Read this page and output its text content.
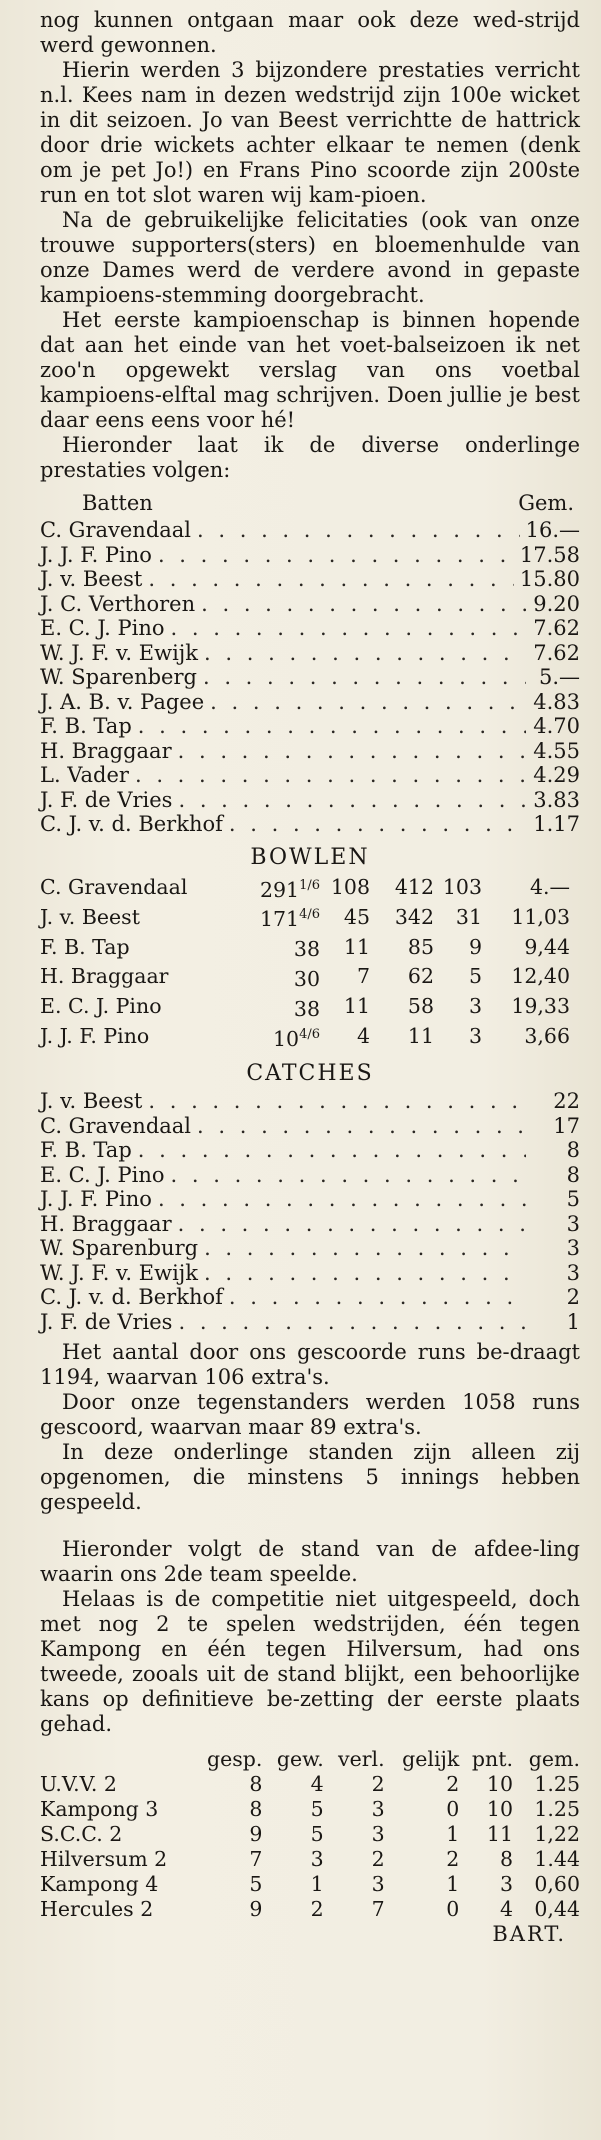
nog kunnen ontgaan maar ook deze wed-strijd werd gewonnen.

Hierin werden 3 bijzondere prestaties verricht n.l. Kees nam in dezen wedstrijd zijn 100e wicket in dit seizoen. Jo van Beest verrichtte de hattrick door drie wickets achter elkaar te nemen (denk om je pet Jo!) en Frans Pino scoorde zijn 200ste run en tot slot waren wij kam-pioen.

Na de gebruikelijke felicitaties (ook van onze trouwe supporters(sters) en bloemenhulde van onze Dames werd de verdere avond in gepaste kampioens-stemming doorgebracht.

Het eerste kampioenschap is binnen hopende dat aan het einde van het voet-balseizoen ik net zoo'n opgewekt verslag van ons voetbal kampioens-elftal mag schrijven. Doen jullie je best daar eens eens voor hé!

Hieronder laat ik de diverse onderlinge prestaties volgen:

Batten	Gem.
C. Gravendaal . . .	16.—
J. J. F. Pino . . .	17.58
J. v. Beest . . .	15.80
J. C. Verthoren . . .	9.20
E. C. J. Pino . . .	7.62
W. J. F. v. Ewijk . . .	7.62
W. Sparenberg . . .	5.—
J. A. B. v. Pagee . . .	4.83
F. B. Tap . . .	4.70
H. Braggaar . . .	4.55
L. Vader . . .	4.29
J. F. de Vries . . .	3.83
C. J. v. d. Berkhof . . .	1.17
BOWLEN
C. Gravendaal	$291^{1/6}$	108	412	103	4.—
J. v. Beest	$171^{4/6}$	45	342	31	11,03
F. B. Tap	38	11	85	9	9,44
H. Braggaar	30	7	62	5	12,40
E. C. J. Pino	38	11	58	3	19,33
J. J. F. Pino	$10^{4/6}$	4	11	3	3,66
CATCHES
J. v. Beest . . .	22
C. Gravendaal . . .	17
F. B. Tap . . .	8
E. C. J. Pino . . .	8
J. J. F. Pino . . .	5
H. Braggaar . . .	3
W. Sparenburg . . .	3
W. J. F. v. Ewijk . . .	3
C. J. v. d. Berkhof . . .	2
J. F. de Vries . . .	1

Het aantal door ons gescoorde runs be-draagt 1194, waarvan 106 extra's.

Door onze tegenstanders werden 1058 runs gescoord, waarvan maar 89 extra's.

In deze onderlinge standen zijn alleen zij opgenomen, die minstens 5 innings hebben gespeeld.

Hieronder volgt de stand van de afdee-ling waarin ons 2de team speelde.

Helaas is de competitie niet uitgespeeld, doch met nog 2 te spelen wedstrijden, één tegen Kampong en één tegen Hilversum, had ons tweede, zooals uit de stand blijkt, een behoorlijke kans op definitieve be-zetting der eerste plaats gehad.

	gesp.	gew.	verl.	gelijk	pnt.	gem.
U.V.V. 2	8	4	2	2	10	1.25
Kampong 3	8	5	3	0	10	1.25
S.C.C. 2	9	5	3	1	11	1,22
Hilversum 2	7	3	2	2	8	1.44
Kampong 4	5	1	3	1	3	0,60
Hercules 2	9	2	7	0	4	0,44
BART.
